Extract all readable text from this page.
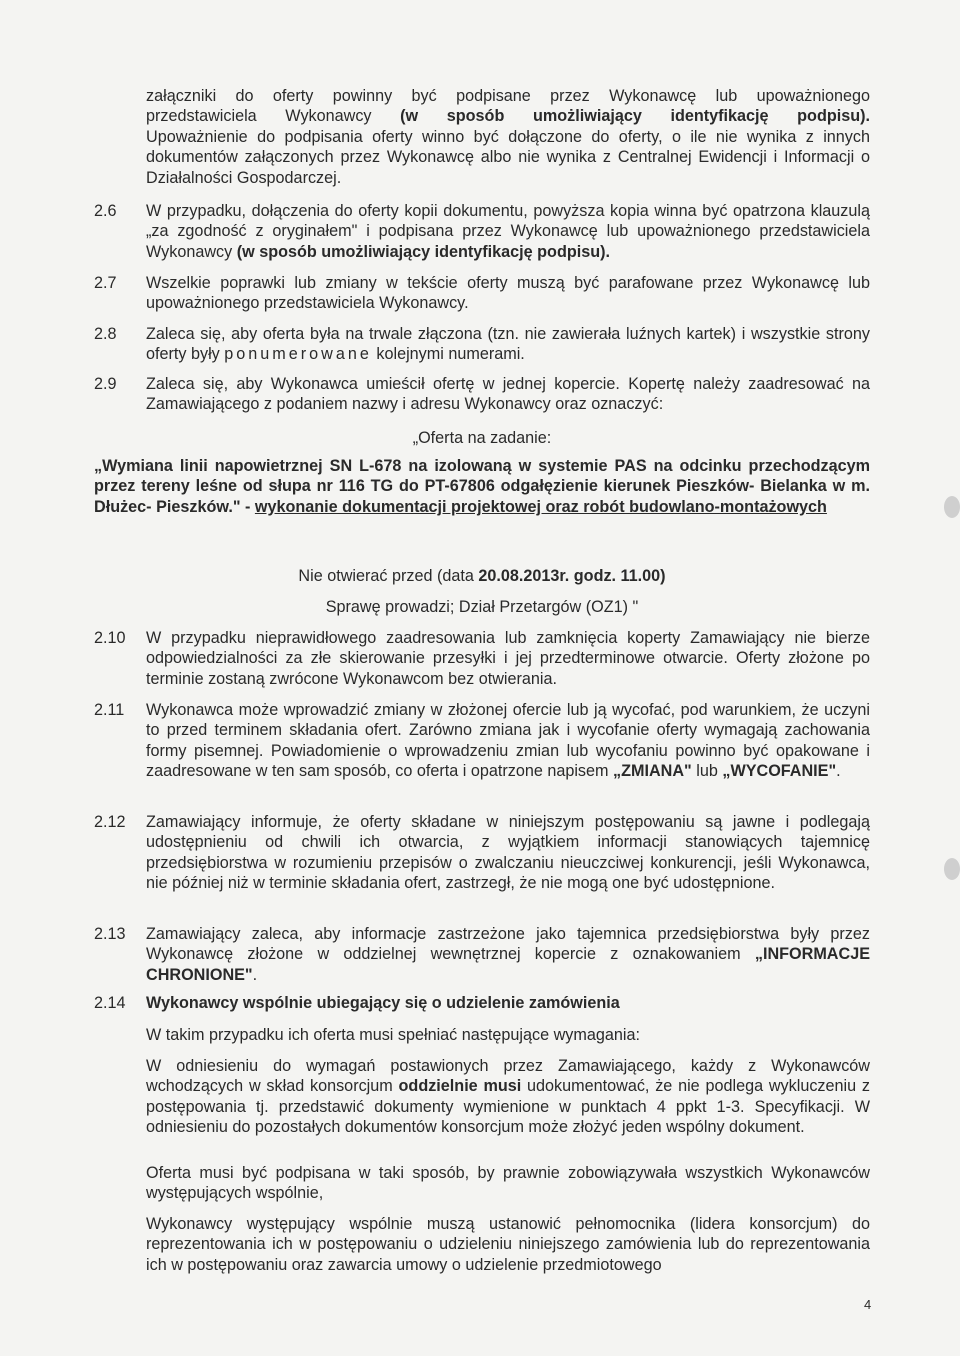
załączniki do oferty powinny być podpisane przez Wykonawcę lub upoważnionego

przedstawiciela Wykonawcy (w sposób umożliwiający identyfikację podpisu).

Upoważnienie do podpisania oferty winno być dołączone do oferty, o ile nie wynika z innych dokumentów załączonych przez Wykonawcę albo nie wynika z Centralnej Ewidencji i Informacji o Działalności Gospodarczej.

2.6 W przypadku, dołączenia do oferty kopii dokumentu, powyższa kopia winna być opatrzona klauzulą „za zgodność z oryginałem" i podpisana przez Wykonawcę lub upoważnionego przedstawiciela Wykonawcy (w sposób umożliwiający identyfikację podpisu).

2.7 Wszelkie poprawki lub zmiany w tekście oferty muszą być parafowane przez Wykonawcę lub upoważnionego przedstawiciela Wykonawcy.

2.8 Zaleca się, aby oferta była na trwale złączona (tzn. nie zawierała luźnych kartek) i wszystkie strony oferty były ponumerowane kolejnymi numerami.

2.9 Zaleca się, aby Wykonawca umieścił ofertę w jednej kopercie. Kopertę należy zaadresować na Zamawiającego z podaniem nazwy i adresu Wykonawcy oraz oznaczyć:

„Oferta na zadanie:

„Wymiana linii napowietrznej SN L-678 na izolowaną w systemie PAS na odcinku przechodzącym przez tereny leśne od słupa nr 116 TG do PT-67806 odgałęzienie kierunek Pieszków- Bielanka w m. Dłużec- Pieszków." - wykonanie dokumentacji projektowej oraz robót budowlano-montażowych

Nie otwierać przed (data 20.08.2013r. godz. 11.00)

Sprawę prowadzi; Dział Przetargów (OZ1) "

2.10 W przypadku nieprawidłowego zaadresowania lub zamknięcia koperty Zamawiający nie bierze odpowiedzialności za złe skierowanie przesyłki i jej przedterminowe otwarcie. Oferty złożone po terminie zostaną zwrócone Wykonawcom bez otwierania.

2.11 Wykonawca może wprowadzić zmiany w złożonej ofercie lub ją wycofać, pod warunkiem, że uczyni to przed terminem składania ofert. Zarówno zmiana jak i wycofanie oferty wymagają zachowania formy pisemnej. Powiadomienie o wprowadzeniu zmian lub wycofaniu powinno być opakowane i zaadresowane w ten sam sposób, co oferta i opatrzone napisem „ZMIANA" lub „WYCOFANIE".

2.12 Zamawiający informuje, że oferty składane w niniejszym postępowaniu są jawne i podlegają udostępnieniu od chwili ich otwarcia, z wyjątkiem informacji stanowiących tajemnicę przedsiębiorstwa w rozumieniu przepisów o zwalczaniu nieuczciwej konkurencji, jeśli Wykonawca, nie później niż w terminie składania ofert, zastrzegł, że nie mogą one być udostępnione.

2.13 Zamawiający zaleca, aby informacje zastrzeżone jako tajemnica przedsiębiorstwa były przez Wykonawcę złożone w oddzielnej wewnętrznej kopercie z oznakowaniem „INFORMACJE CHRONIONE".

2.14 Wykonawcy wspólnie ubiegający się o udzielenie zamówienia

W takim przypadku ich oferta musi spełniać następujące wymagania:

W odniesieniu do wymagań postawionych przez Zamawiającego, każdy z Wykonawców wchodzących w skład konsorcjum oddzielnie musi udokumentować, że nie podlega wykluczeniu z postępowania tj. przedstawić dokumenty wymienione w punktach 4 ppkt 1-3. Specyfikacji. W odniesieniu do pozostałych dokumentów konsorcjum może złożyć jeden wspólny dokument.

Oferta musi być podpisana w taki sposób, by prawnie zobowiązywała wszystkich Wykonawców występujących wspólnie,

Wykonawcy występujący wspólnie muszą ustanowić pełnomocnika (lidera konsorcjum) do reprezentowania ich w postępowaniu o udzieleniu niniejszego zamówienia lub do reprezentowania ich w postępowaniu oraz zawarcia umowy o udzielenie przedmiotowego

4
